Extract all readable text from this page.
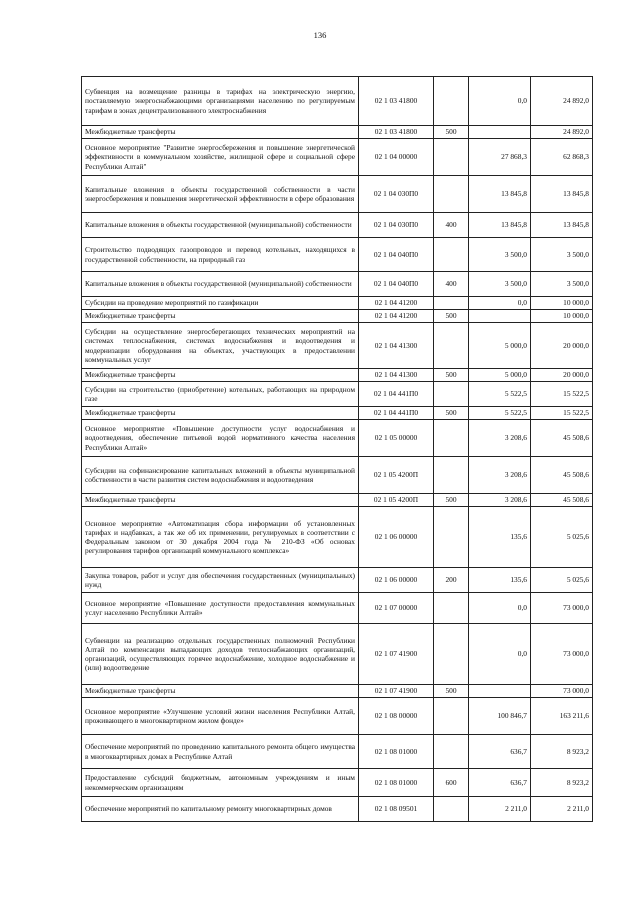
136
Субвенция на возмещение разницы в тарифах на электрическую энергию, поставляемую энергоснабжающими организациями населению по регулируемым тарифам в зонах децентрализованного электроснабжения	02 1 03 41800		0,0	24 892,0
Межбюджетные трансферты	02 1 03 41800	500		24 892,0
Основное мероприятие "Развитие энергосбережения и повышение энергетической эффективности в коммунальном хозяйстве, жилищной сфере и социальной сфере Республики Алтай"	02 1 04 00000		27 868,3	62 868,3
Капитальные вложения в объекты государственной собственности в части энергосбережения и повышения энергетической эффективности в сфере образования	02 1 04 030П0		13 845,8	13 845,8
Капитальные вложения в объекты государственной (муниципальной) собственности	02 1 04 030П0	400	13 845,8	13 845,8
Строительство подводящих газопроводов и перевод котельных, находящихся в государственной собственности, на природный газ	02 1 04 040П0		3 500,0	3 500,0
Капитальные вложения в объекты государственной (муниципальной) собственности	02 1 04 040П0	400	3 500,0	3 500,0
Субсидии на проведение мероприятий по газификации	02 1 04 41200		0,0	10 000,0
Межбюджетные трансферты	02 1 04 41200	500		10 000,0
Субсидии на осуществление энергосберегающих технических мероприятий на системах теплоснабжения, системах водоснабжения и водоотведения и модернизации оборудования на объектах, участвующих в предоставлении коммунальных услуг	02 1 04 41300		5 000,0	20 000,0
Межбюджетные трансферты	02 1 04 41300	500	5 000,0	20 000,0
Субсидии на строительство (приобретение) котельных, работающих на природном газе	02 1 04 441П0		5 522,5	15 522,5
Межбюджетные трансферты	02 1 04 441П0	500	5 522,5	15 522,5
Основное мероприятие «Повышение доступности услуг водоснабжения и водоотведения, обеспечение питьевой водой нормативного качества населения Республики Алтай»	02 1 05 00000		3 208,6	45 508,6
Субсидии на софинансирование капитальных вложений в объекты муниципальной собственности в части развития систем водоснабжения и водоотведения	02 1 05 4200П		3 208,6	45 508,6
Межбюджетные трансферты	02 1 05 4200П	500	3 208,6	45 508,6
Основное мероприятие «Автоматизация сбора информации об установленных тарифах и надбавках, а так же об их применении, регулируемых в соответствии с Федеральным законом от 30 декабря 2004 года № 210-ФЗ «Об основах регулирования тарифов организаций коммунального комплекса»	02 1 06 00000		135,6	5 025,6
Закупка товаров, работ и услуг для обеспечения государственных (муниципальных) нужд	02 1 06 00000	200	135,6	5 025,6
Основное мероприятие «Повышение доступности предоставления коммунальных услуг населению Республики Алтай»	02 1 07 00000		0,0	73 000,0
Субвенции на реализацию отдельных государственных полномочий Республики Алтай по компенсации выпадающих доходов теплоснабжающих организаций, организаций, осуществляющих горячее водоснабжение, холодное водоснабжение и (или) водоотведение	02 1 07 41900		0,0	73 000,0
Межбюджетные трансферты	02 1 07 41900	500		73 000,0
Основное мероприятие «Улучшение условий жизни населения Республики Алтай, проживающего в многоквартирном жилом фонде»	02 1 08 00000		100 846,7	163 211,6
Обеспечение мероприятий по проведению капитального ремонта общего имущества в многоквартирных домах в Республике Алтай	02 1 08 01000		636,7	8 923,2
Предоставление субсидий бюджетным, автономным учреждениям и иным некоммерческим организациям	02 1 08 01000	600	636,7	8 923,2
Обеспечение мероприятий по капитальному ремонту многоквартирных домов	02 1 08 09501		2 211,0	2 211,0
